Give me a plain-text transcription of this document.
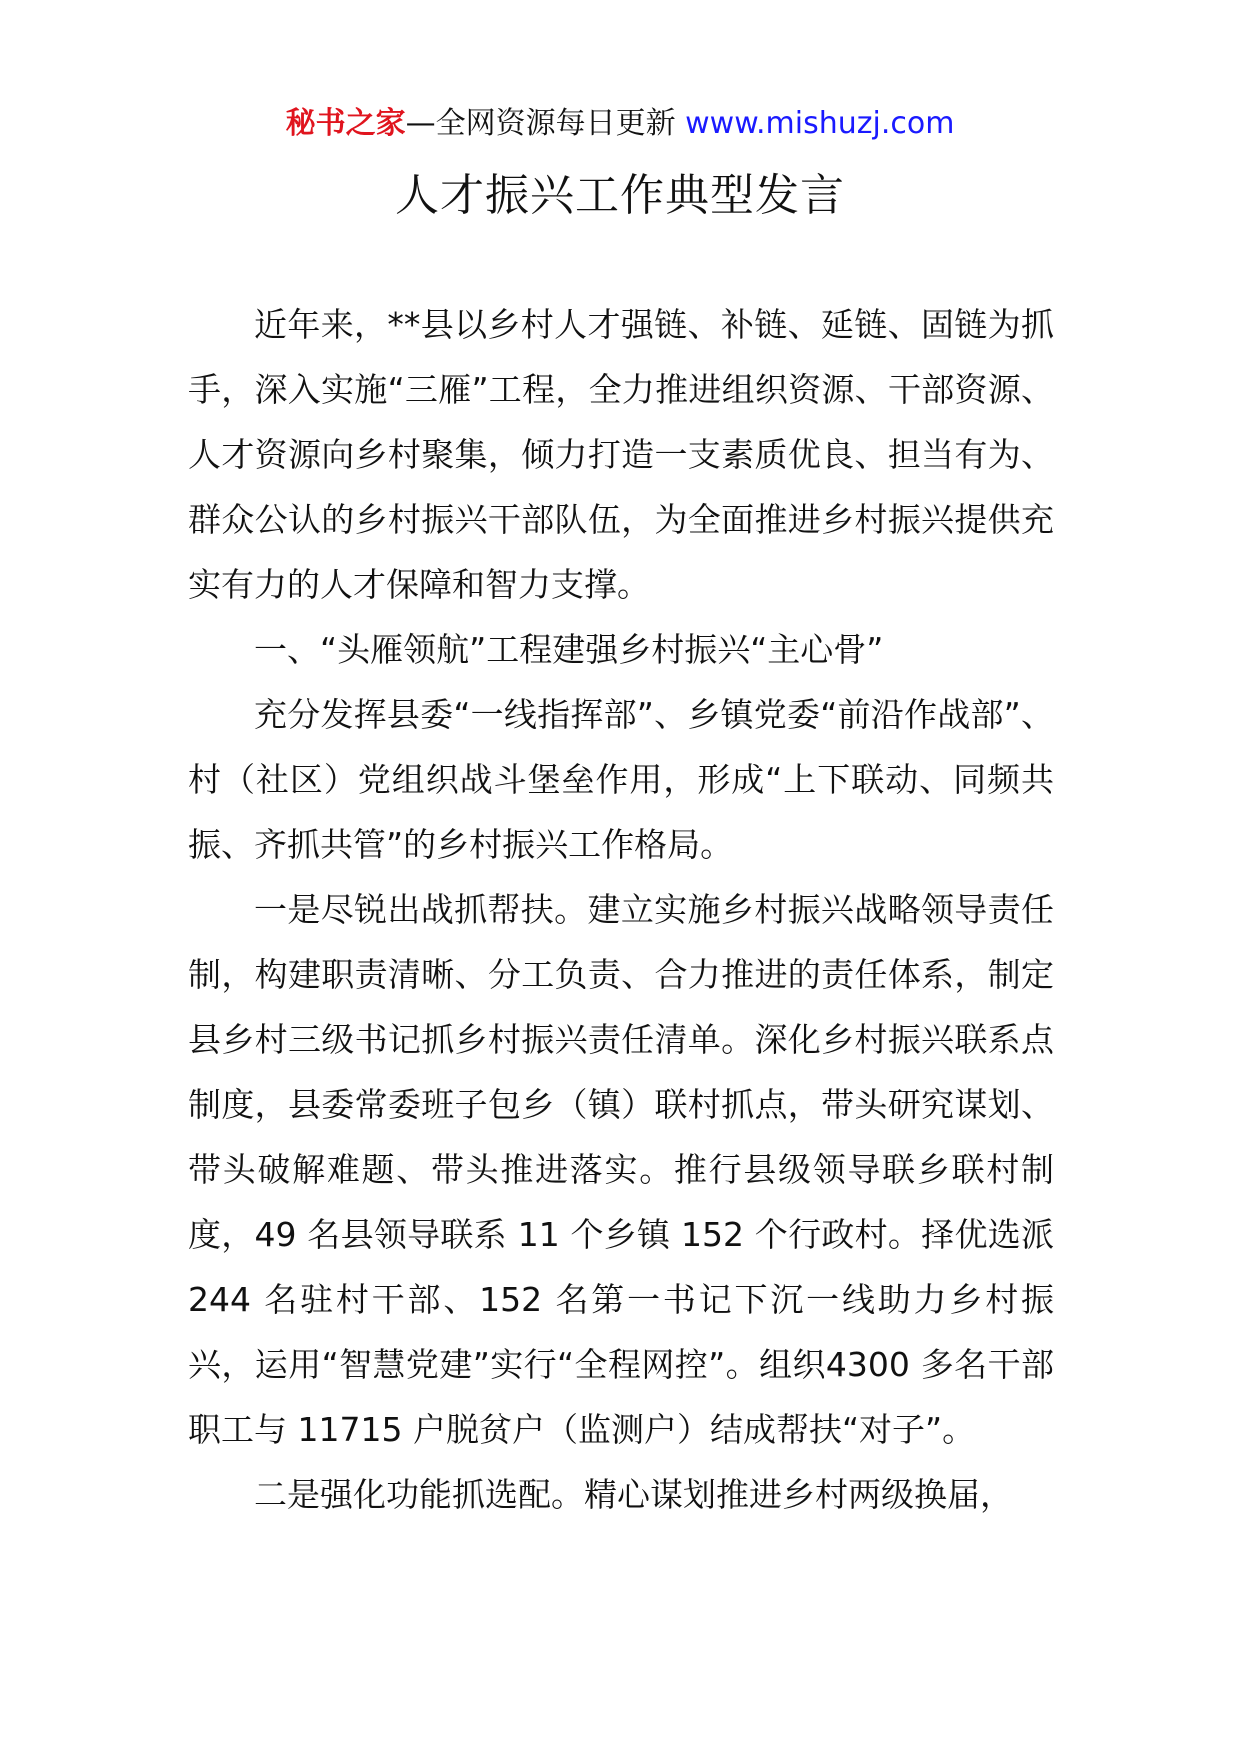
秘书之家—全网资源每日更新 www.mishuzj.com
人才振兴工作典型发言

近年来，**县以乡村人才强链、补链、延链、固链为抓手，深入实施“三雁”工程，全力推进组织资源、干部资源、人才资源向乡村聚集，倾力打造一支素质优良、担当有为、群众公认的乡村振兴干部队伍，为全面推进乡村振兴提供充实有力的人才保障和智力支撑。

一、“头雁领航”工程建强乡村振兴“主心骨”

充分发挥县委“一线指挥部”、乡镇党委“前沿作战部”、村（社区）党组织战斗堡垒作用，形成“上下联动、同频共振、齐抓共管”的乡村振兴工作格局。

一是尽锐出战抓帮扶。建立实施乡村振兴战略领导责任制，构建职责清晰、分工负责、合力推进的责任体系，制定县乡村三级书记抓乡村振兴责任清单。深化乡村振兴联系点制度，县委常委班子包乡（镇）联村抓点，带头研究谋划、带头破解难题、带头推进落实。推行县级领导联乡联村制度，49 名县领导联系 11 个乡镇 152 个行政村。择优选派 244 名驻村干部、152 名第一书记下沉一线助力乡村振兴，运用“智慧党建”实行“全程网控”。组织4300 多名干部职工与 11715 户脱贫户（监测户）结成帮扶“对子”。

二是强化功能抓选配。精心谋划推进乡村两级换届，
